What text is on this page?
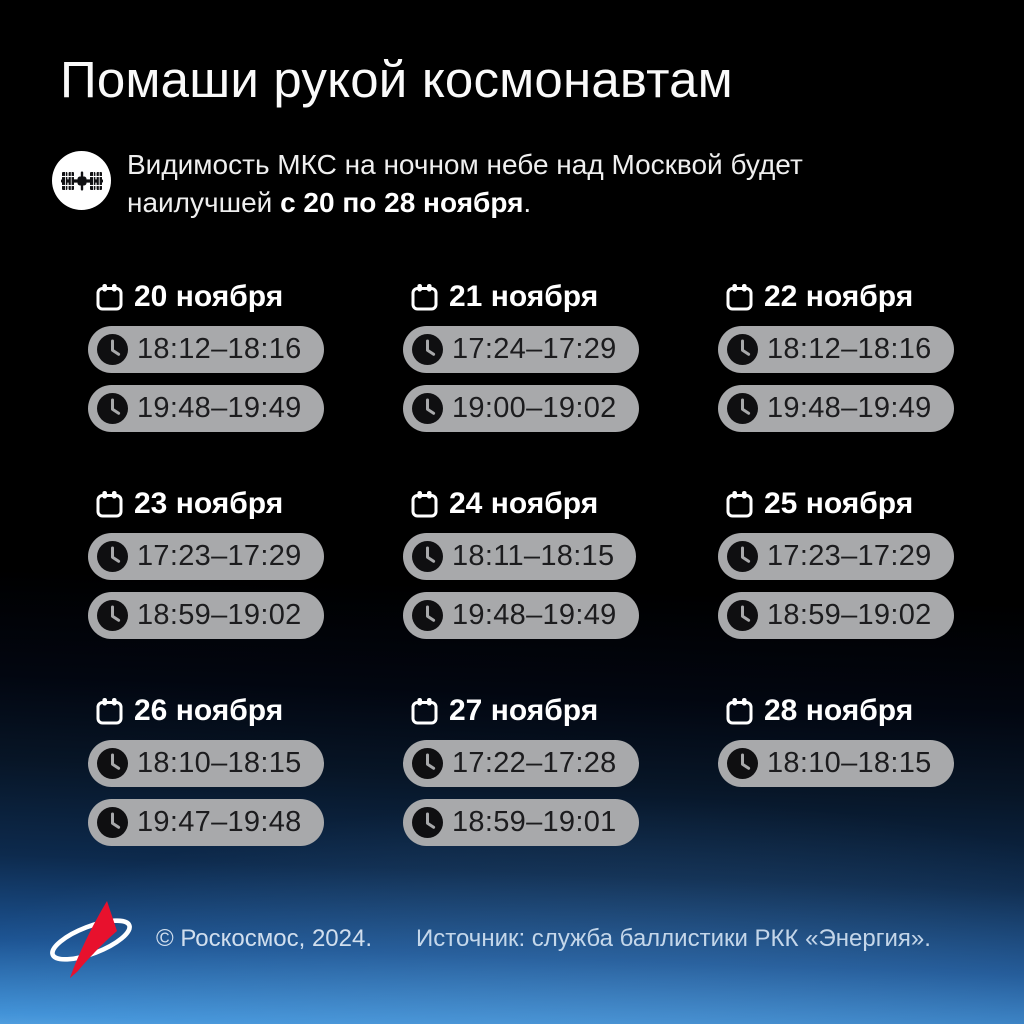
Помаши рукой космонавтам

Видимость МКС на ночном небе над Москвой будет наилучшей с 20 по 28 ноября.

20 ноября
18:12–18:16
19:48–19:49
21 ноября
17:24–17:29
19:00–19:02
22 ноября
18:12–18:16
19:48–19:49
23 ноября
17:23–17:29
18:59–19:02
24 ноября
18:11–18:15
19:48–19:49
25 ноября
17:23–17:29
18:59–19:02
26 ноября
18:10–18:15
19:47–19:48
27 ноября
17:22–17:28
18:59–19:01
28 ноября
18:10–18:15
© Роскосмос, 2024. Источник: служба баллистики РКК «Энергия».
